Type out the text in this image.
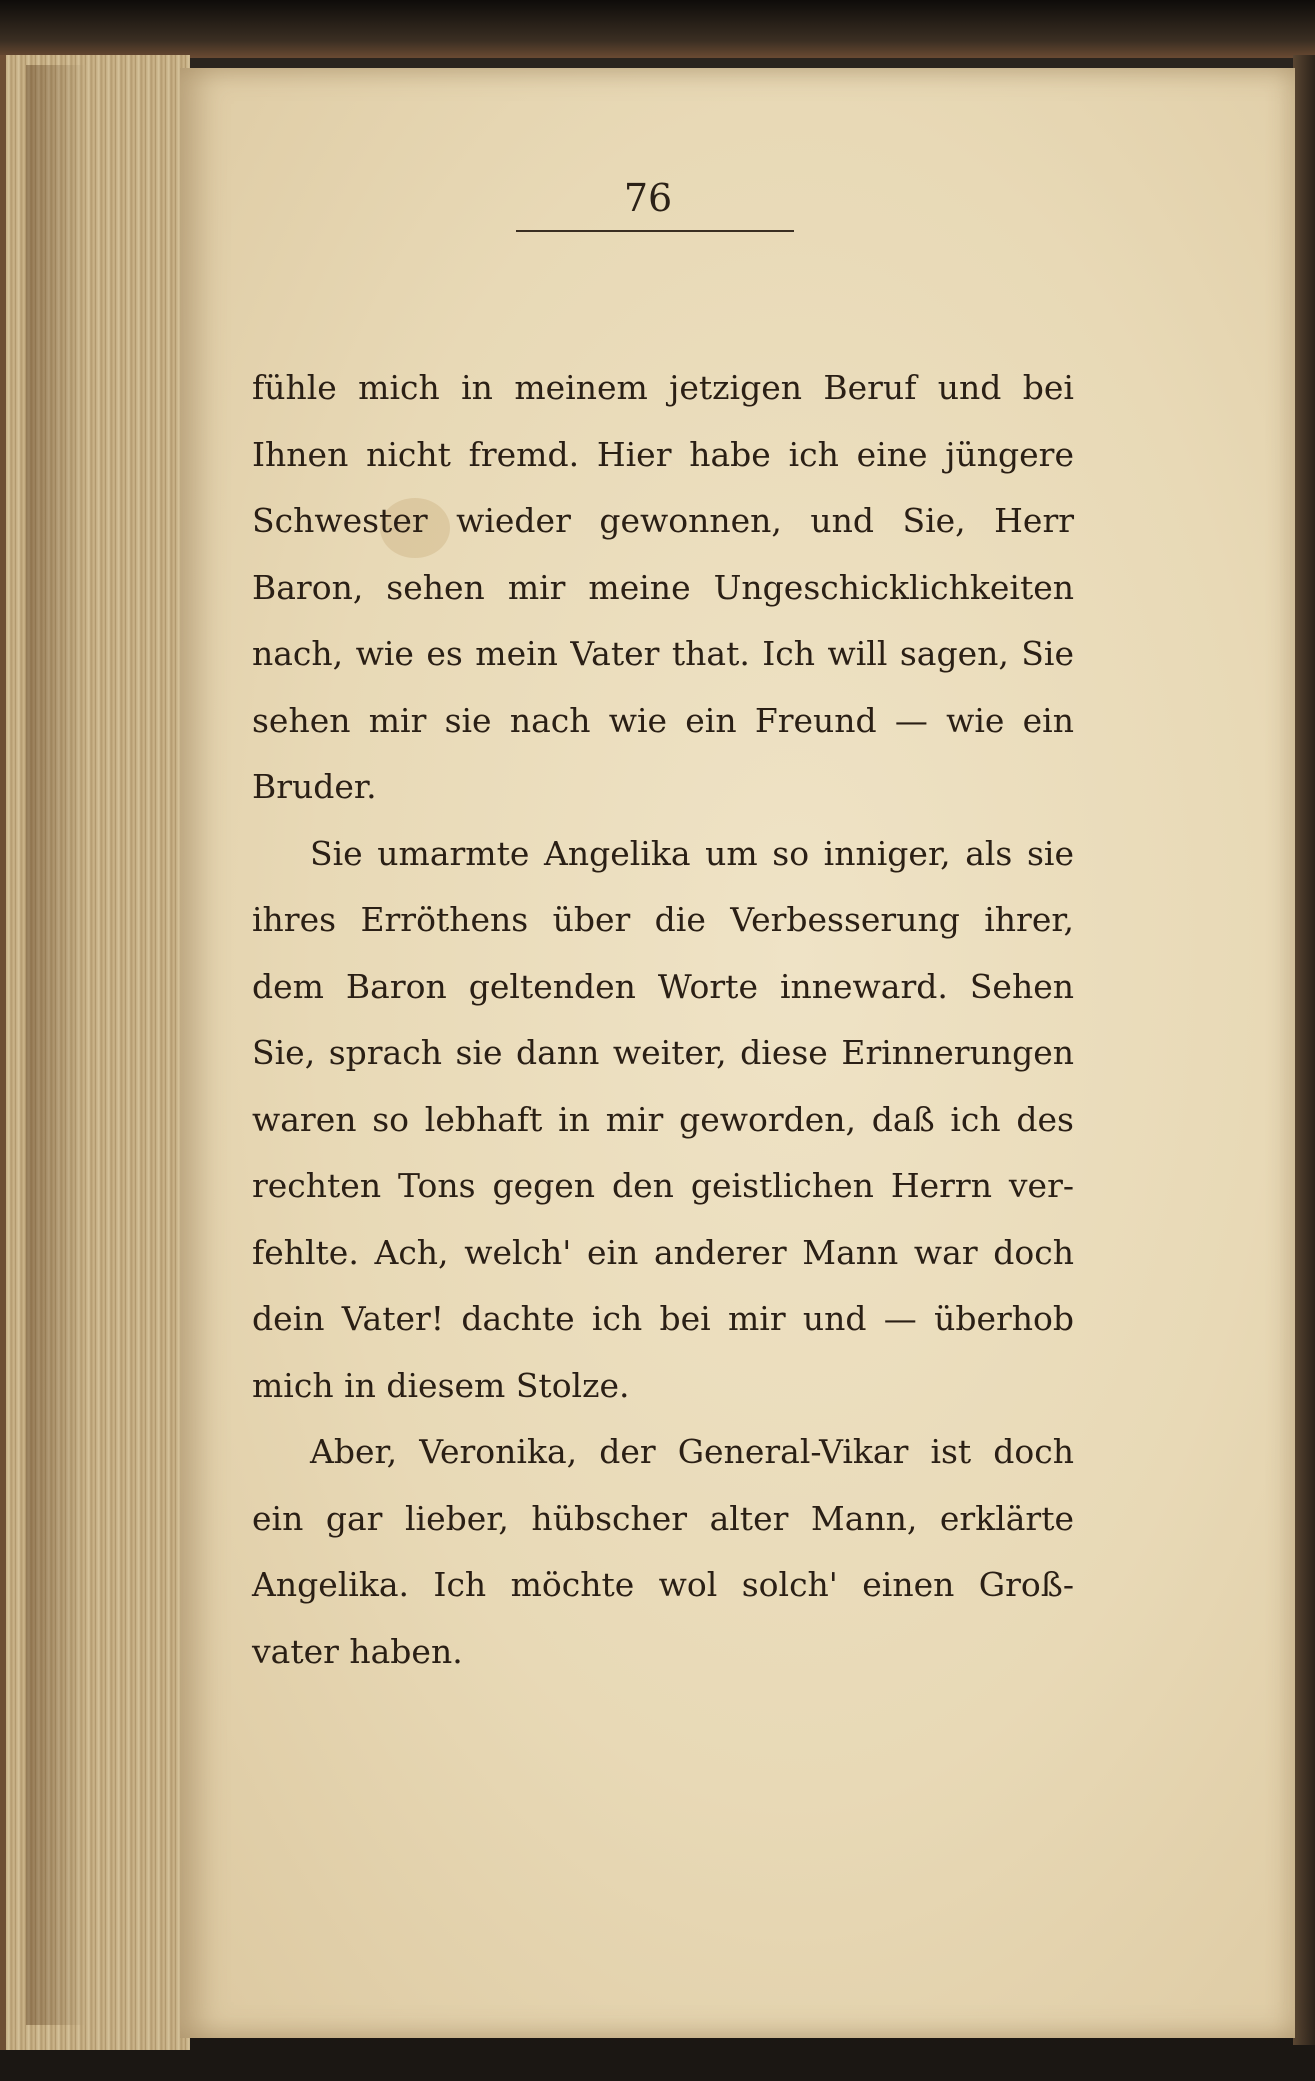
76

fühle mich in meinem jetzigen Beruf und bei Ihnen nicht fremd. Hier habe ich eine jüngere Schwester wieder gewonnen, und Sie, Herr Baron, sehen mir meine Ungeschicklichkeiten nach, wie es mein Vater that. Ich will sagen, Sie sehen mir sie nach wie ein Freund — wie ein Bruder.

Sie umarmte Angelika um so inniger, als sie ihres Erröthens über die Verbesserung ihrer, dem Baron geltenden Worte inneward. Sehen Sie, sprach sie dann weiter, diese Erinnerungen waren so lebhaft in mir geworden, daß ich des rechten Tons gegen den geistlichen Herrn ver-fehlte. Ach, welch' ein anderer Mann war doch dein Vater! dachte ich bei mir und — überhob mich in diesem Stolze.

Aber, Veronika, der General-Vikar ist doch ein gar lieber, hübscher alter Mann, erklärte Angelika. Ich möchte wol solch' einen Groß-vater haben.
